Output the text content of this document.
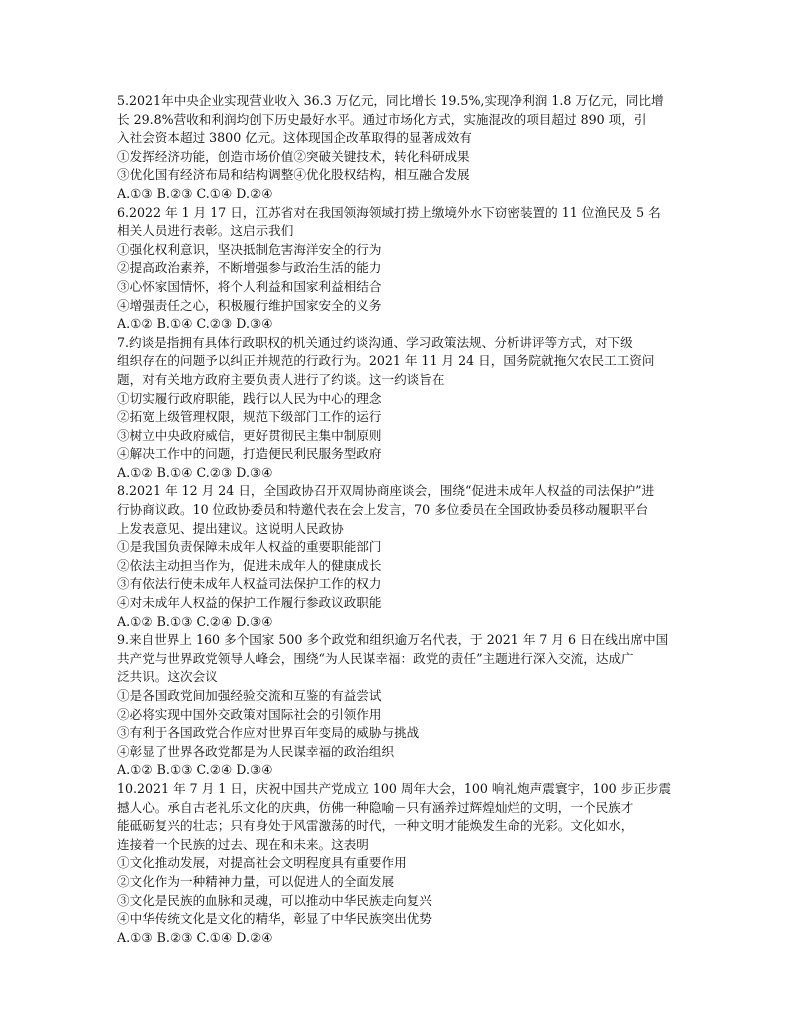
5.2021年中央企业实现营业收入 36.3 万亿元，同比增长 19.5%,实现净利润 1.8 万亿元，同比增
长 29.8%营收和利润均创下历史最好水平。通过市场化方式，实施混改的项目超过 890 项，引
入社会资本超过 3800 亿元。这体现国企改革取得的显著成效有
①发挥经济功能，创造市场价值②突破关键技术，转化科研成果
③优化国有经济布局和结构调整④优化股权结构，相互融合发展
A.①③ B.②③ C.①④ D.②④
6.2022 年 1 月 17 日，江苏省对在我国领海领域打捞上缴境外水下窃密装置的 11 位渔民及 5 名
相关人员进行表彰。这启示我们
①强化权利意识，坚决抵制危害海洋安全的行为
②提高政治素养，不断增强参与政治生活的能力
③心怀家国情怀，将个人利益和国家利益相结合
④增强责任之心，积极履行维护国家安全的义务
A.①② B.①④ C.②③ D.③④
7.约谈是指拥有具体行政职权的机关通过约谈沟通、学习政策法规、分析讲评等方式，对下级
组织存在的问题予以纠正并规范的行政行为。2021 年 11 月 24 日，国务院就拖欠农民工工资问
题，对有关地方政府主要负责人进行了约谈。这一约谈旨在
①切实履行政府职能，践行以人民为中心的理念
②拓宽上级管理权限，规范下级部门工作的运行
③树立中央政府威信，更好贯彻民主集中制原则
④解决工作中的问题，打造便民利民服务型政府
A.①② B.①④ C.②③ D.③④
8.2021 年 12 月 24 日，全国政协召开双周协商座谈会，围绕“促进未成年人权益的司法保护”进
行协商议政。10 位政协委员和特邀代表在会上发言，70 多位委员在全国政协委员移动履职平台
上发表意见、提出建议。这说明人民政协
①是我国负责保障未成年人权益的重要职能部门
②依法主动担当作为，促进未成年人的健康成长
③有依法行使未成年人权益司法保护工作的权力
④对未成年人权益的保护工作履行参政议政职能
A.①② B.①③ C.②④ D.③④
9.来自世界上 160 多个国家 500 多个政党和组织逾万名代表，于 2021 年 7 月 6 日在线出席中国
共产党与世界政党领导人峰会，围绕“为人民谋幸福：政党的责任”主题进行深入交流，达成广
泛共识。这次会议
①是各国政党间加强经验交流和互鉴的有益尝试
②必将实现中国外交政策对国际社会的引领作用
③有利于各国政党合作应对世界百年变局的威胁与挑战
④彰显了世界各政党都是为人民谋幸福的政治组织
A.①② B.①③ C.②④ D.③④
10.2021 年 7 月 1 日，庆祝中国共产党成立 100 周年大会，100 响礼炮声震寰宇，100 步正步震
撼人心。承自古老礼乐文化的庆典，仿佛一种隐喻－只有涵养过辉煌灿烂的文明，一个民族才
能砥砺复兴的壮志；只有身处于风雷激荡的时代，一种文明才能焕发生命的光彩。文化如水，
连接着一个民族的过去、现在和未来。这表明
①文化推动发展，对提高社会文明程度具有重要作用
②文化作为一种精神力量，可以促进人的全面发展
③文化是民族的血脉和灵魂，可以推动中华民族走向复兴
④中华传统文化是文化的精华，彰显了中华民族突出优势
A.①③ B.②③ C.①④ D.②④
